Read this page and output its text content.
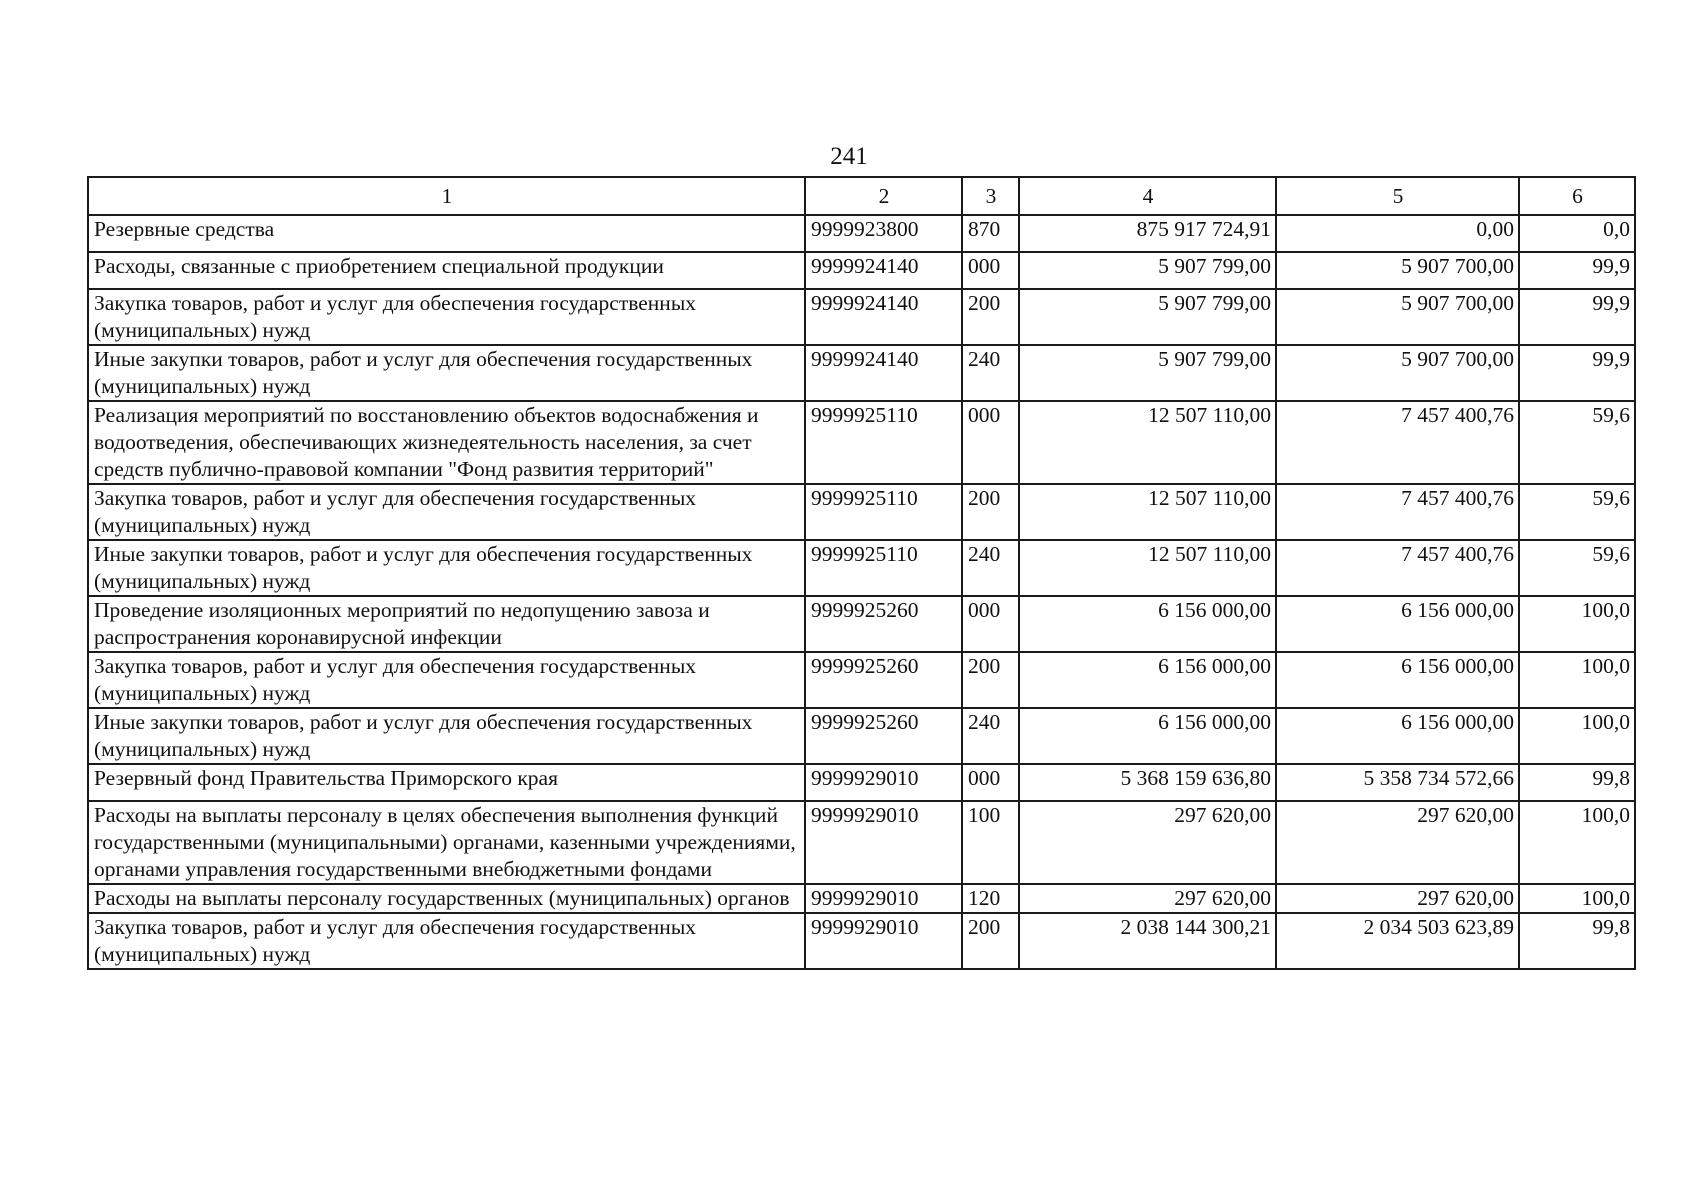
241
1	2	3	4	5	6
Резервные средства	9999923800	870	875 917 724,91	0,00	0,0
Расходы, связанные с приобретением специальной продукции	9999924140	000	5 907 799,00	5 907 700,00	99,9
Закупка товаров, работ и услуг для обеспечения государственных (муниципальных) нужд	9999924140	200	5 907 799,00	5 907 700,00	99,9
Иные закупки товаров, работ и услуг для обеспечения государственных (муниципальных) нужд	9999924140	240	5 907 799,00	5 907 700,00	99,9
Реализация мероприятий по восстановлению объектов водоснабжения и водоотведения, обеспечивающих жизнедеятельность населения, за счет средств публично-правовой компании "Фонд развития территорий"	9999925110	000	12 507 110,00	7 457 400,76	59,6
Закупка товаров, работ и услуг для обеспечения государственных (муниципальных) нужд	9999925110	200	12 507 110,00	7 457 400,76	59,6
Иные закупки товаров, работ и услуг для обеспечения государственных (муниципальных) нужд	9999925110	240	12 507 110,00	7 457 400,76	59,6
Проведение изоляционных мероприятий по недопущению завоза и распространения коронавирусной инфекции	9999925260	000	6 156 000,00	6 156 000,00	100,0
Закупка товаров, работ и услуг для обеспечения государственных (муниципальных) нужд	9999925260	200	6 156 000,00	6 156 000,00	100,0
Иные закупки товаров, работ и услуг для обеспечения государственных (муниципальных) нужд	9999925260	240	6 156 000,00	6 156 000,00	100,0
Резервный фонд Правительства Приморского края	9999929010	000	5 368 159 636,80	5 358 734 572,66	99,8
Расходы на выплаты персоналу в целях обеспечения выполнения функций государственными (муниципальными) органами, казенными учреждениями, органами управления государственными внебюджетными фондами	9999929010	100	297 620,00	297 620,00	100,0
Расходы на выплаты персоналу государственных (муниципальных) органов	9999929010	120	297 620,00	297 620,00	100,0
Закупка товаров, работ и услуг для обеспечения государственных (муниципальных) нужд	9999929010	200	2 038 144 300,21	2 034 503 623,89	99,8
